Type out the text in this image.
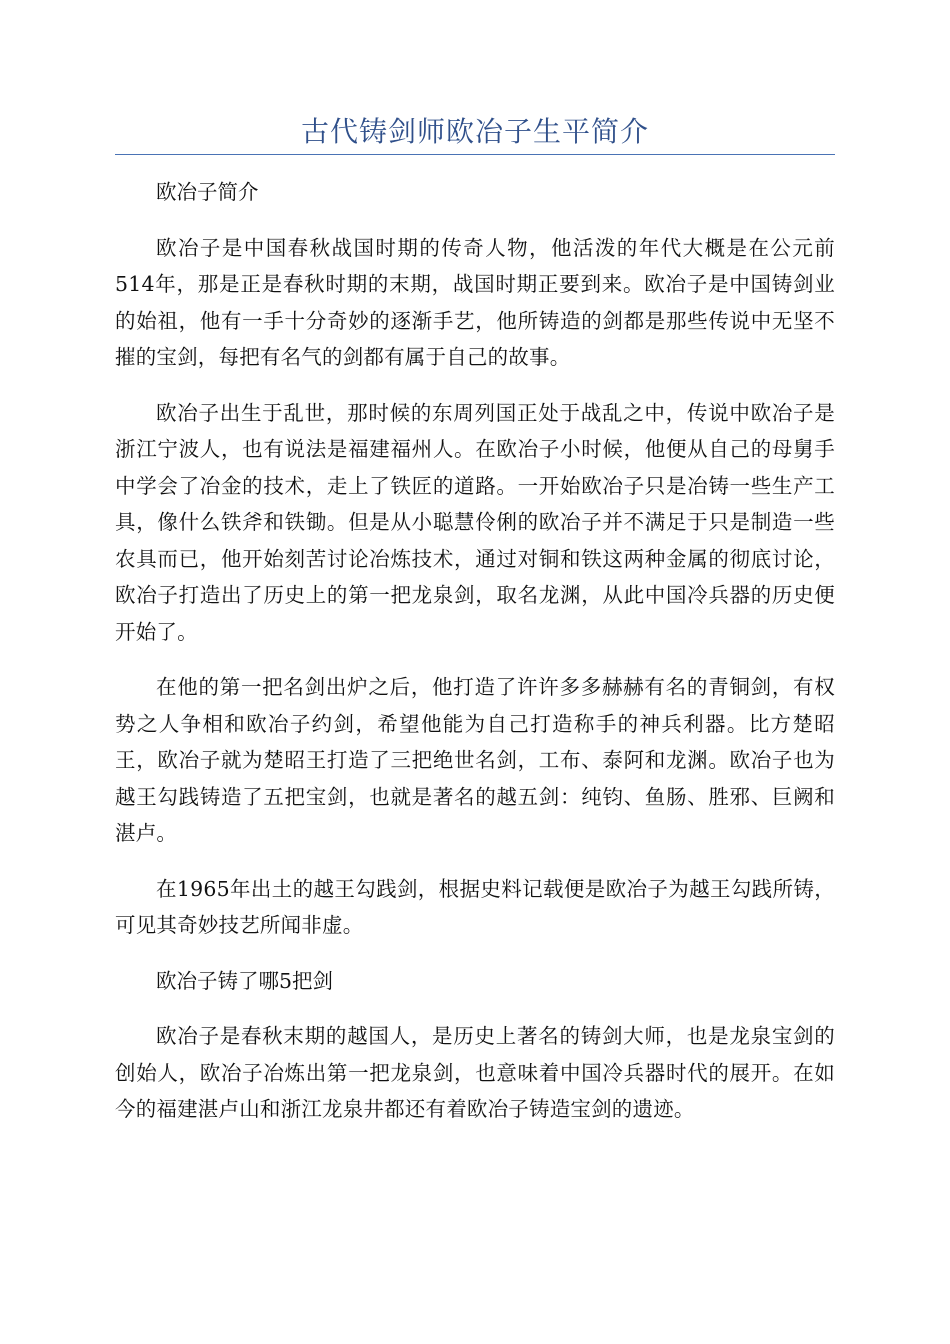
古代铸剑师欧冶子生平简介

欧冶子简介

欧冶子是中国春秋战国时期的传奇人物，他活泼的年代大概是在公元前514年，那是正是春秋时期的末期，战国时期正要到来。欧冶子是中国铸剑业的始祖，他有一手十分奇妙的逐渐手艺，他所铸造的剑都是那些传说中无坚不摧的宝剑，每把有名气的剑都有属于自己的故事。

欧冶子出生于乱世，那时候的东周列国正处于战乱之中，传说中欧冶子是浙江宁波人，也有说法是福建福州人。在欧冶子小时候，他便从自己的母舅手中学会了冶金的技术，走上了铁匠的道路。一开始欧冶子只是冶铸一些生产工具，像什么铁斧和铁锄。但是从小聪慧伶俐的欧冶子并不满足于只是制造一些农具而已，他开始刻苦讨论冶炼技术，通过对铜和铁这两种金属的彻底讨论，欧冶子打造出了历史上的第一把龙泉剑，取名龙渊，从此中国冷兵器的历史便开始了。

在他的第一把名剑出炉之后，他打造了许许多多赫赫有名的青铜剑，有权势之人争相和欧冶子约剑，希望他能为自己打造称手的神兵利器。比方楚昭王，欧冶子就为楚昭王打造了三把绝世名剑，工布、泰阿和龙渊。欧冶子也为越王勾践铸造了五把宝剑，也就是著名的越五剑：纯钧、鱼肠、胜邪、巨阙和湛卢。

在1965年出土的越王勾践剑，根据史料记载便是欧冶子为越王勾践所铸，可见其奇妙技艺所闻非虚。

欧冶子铸了哪5把剑

欧冶子是春秋末期的越国人，是历史上著名的铸剑大师，也是龙泉宝剑的创始人，欧冶子冶炼出第一把龙泉剑，也意味着中国冷兵器时代的展开。在如今的福建湛卢山和浙江龙泉井都还有着欧冶子铸造宝剑的遗迹。
